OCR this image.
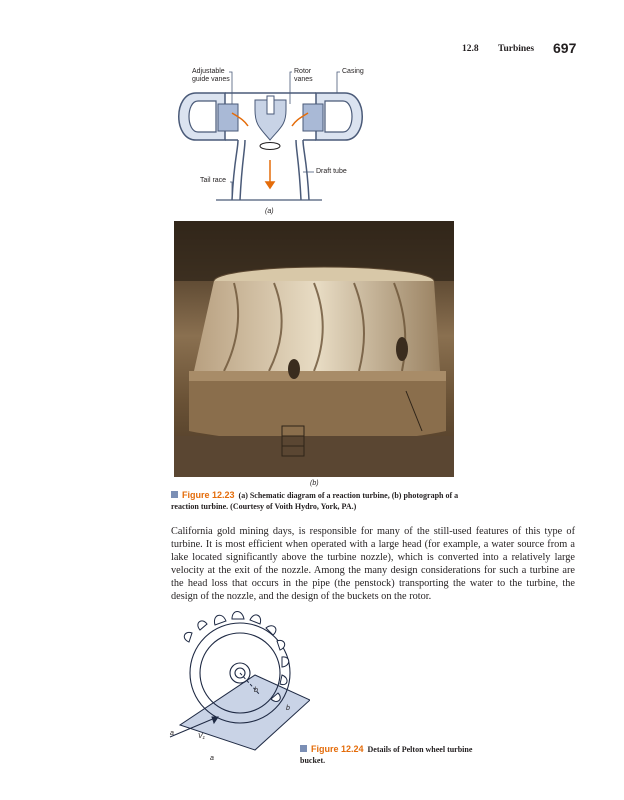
12.8 Turbines 697
Adjustable guide vanes
Rotor vanes
Casing
Draft tube
Tail race
(a)
(b)
Figure 12.23 (a) Schematic diagram of a reaction turbine, (b) photograph of a reaction turbine. (Courtesy of Voith Hydro, York, PA.)
California gold mining days, is responsible for many of the still-used features of this type of turbine. It is most efficient when operated with a large head (for example, a water source from a lake located significantly above the turbine nozzle), which is converted into a relatively large velocity at the exit of the nozzle. Among the many design considerations for such a turbine are the head loss that occurs in the pipe (the penstock) transporting the water to the turbine, the design of the nozzle, and the design of the buckets on the rotor.
a
a
b
b
V₁
Figure 12.24 Details of Pelton wheel turbine bucket.
